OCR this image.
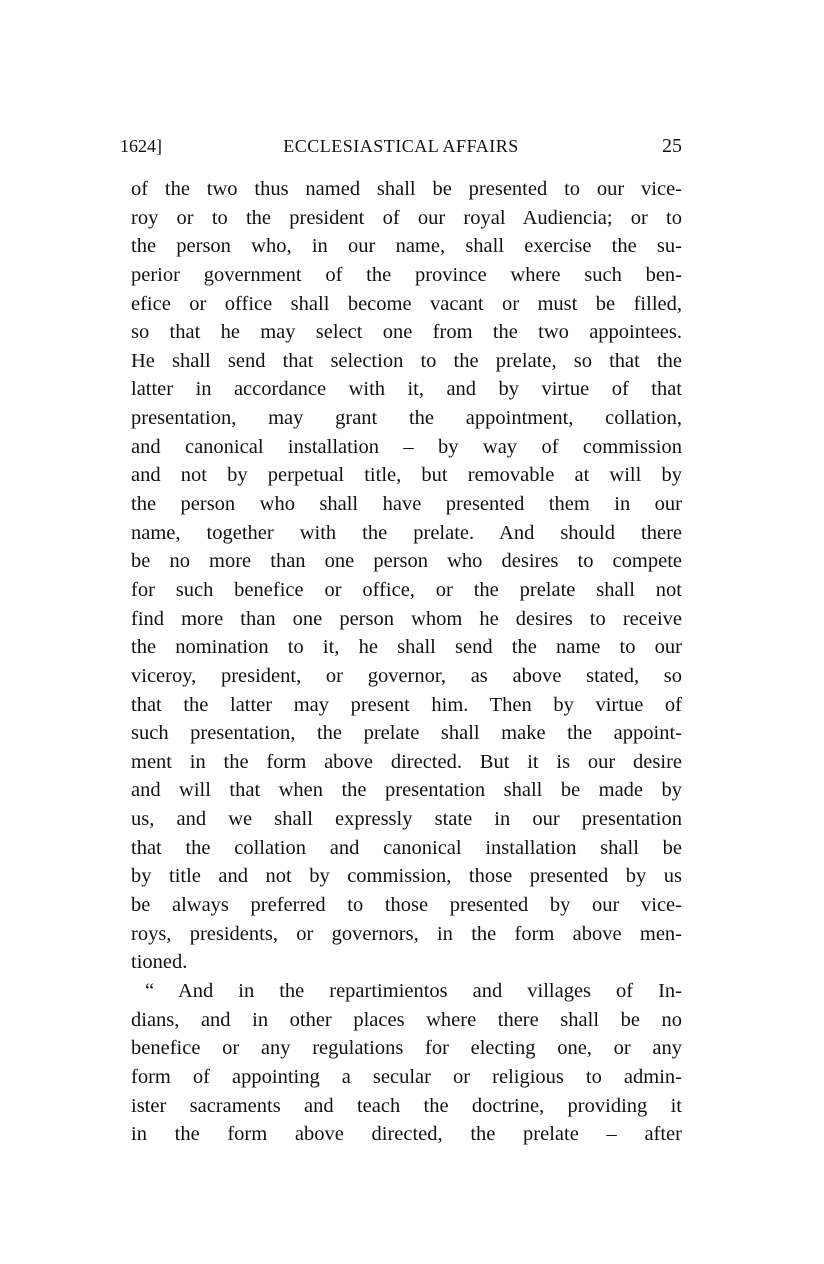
1624]	ECCLESIASTICAL AFFAIRS	25
of the two thus named shall be presented to our vice-
roy or to the president of our royal Audiencia; or to
the person who, in our name, shall exercise the su-
perior government of the province where such ben-
efice or office shall become vacant or must be filled,
so that he may select one from the two appointees.
He shall send that selection to the prelate, so that the
latter in accordance with it, and by virtue of that
presentation, may grant the appointment, collation,
and canonical installation – by way of commission
and not by perpetual title, but removable at will by
the person who shall have presented them in our
name, together with the prelate. And should there
be no more than one person who desires to compete
for such benefice or office, or the prelate shall not
find more than one person whom he desires to receive
the nomination to it, he shall send the name to our
viceroy, president, or governor, as above stated, so
that the latter may present him. Then by virtue of
such presentation, the prelate shall make the appoint-
ment in the form above directed. But it is our desire
and will that when the presentation shall be made by
us, and we shall expressly state in our presentation
that the collation and canonical installation shall be
by title and not by commission, those presented by us
be always preferred to those presented by our vice-
roys, presidents, or governors, in the form above men-
tioned.
“ And in the repartimientos and villages of In-
dians, and in other places where there shall be no
benefice or any regulations for electing one, or any
form of appointing a secular or religious to admin-
ister sacraments and teach the doctrine, providing it
in the form above directed, the prelate – after
